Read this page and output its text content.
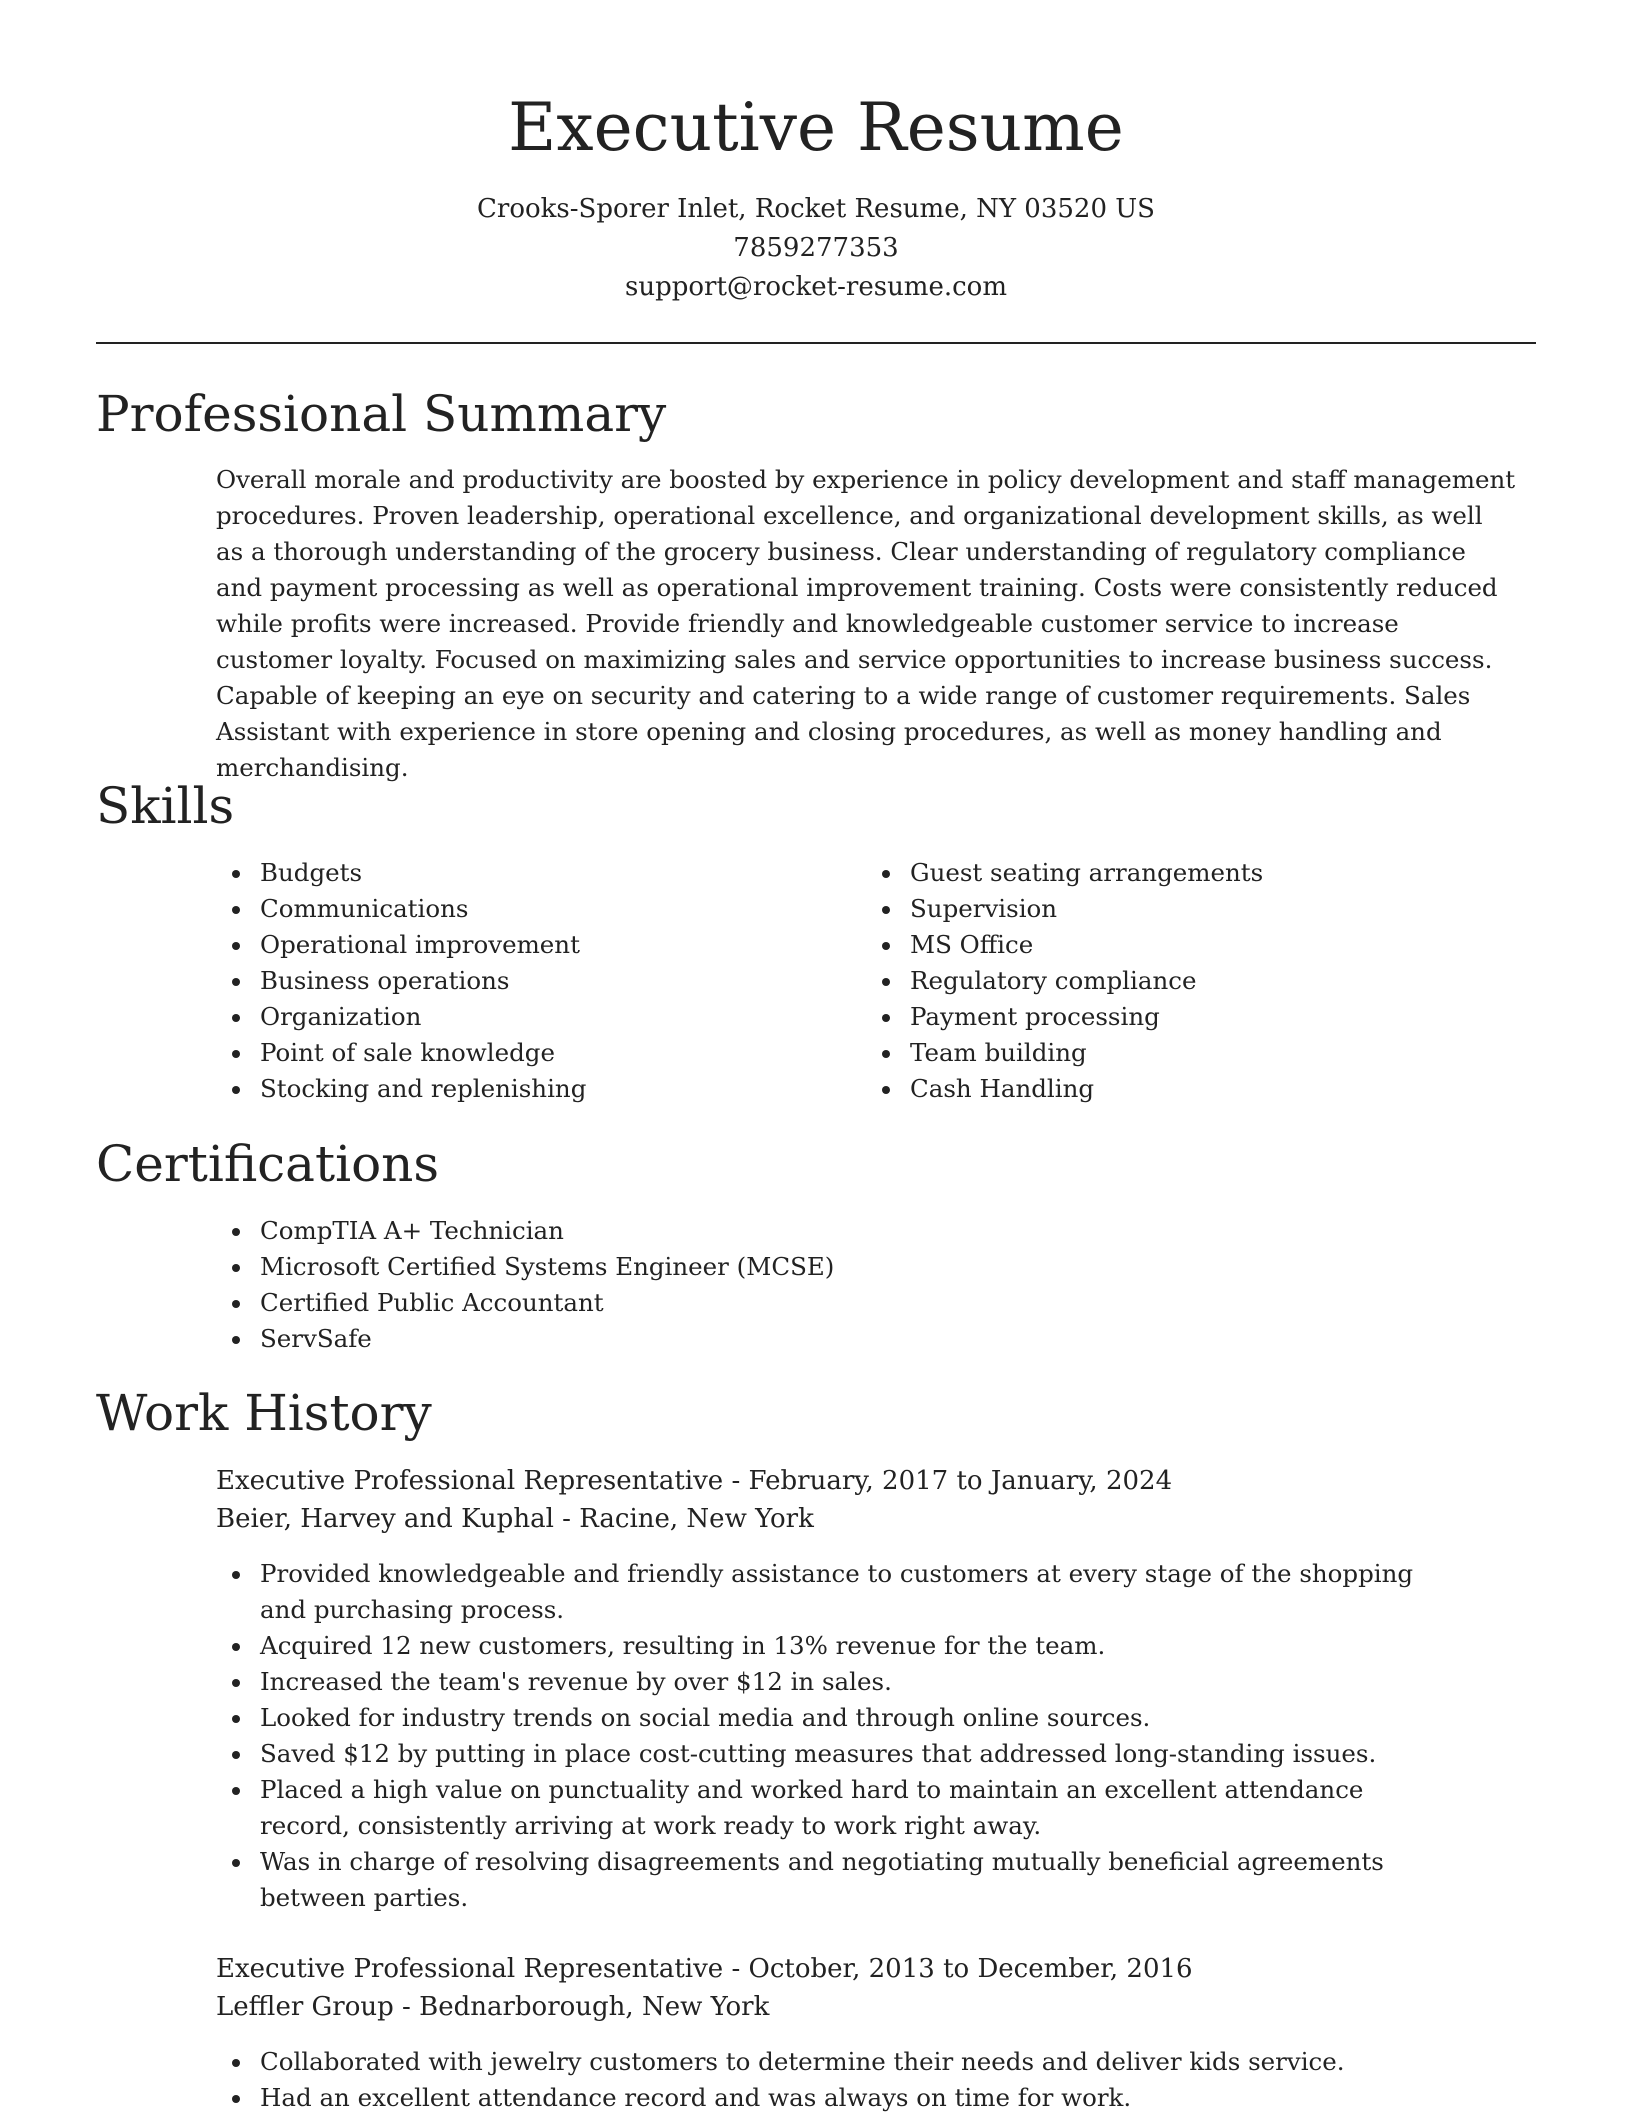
Executive Resume
Crooks-Sporer Inlet, Rocket Resume, NY 03520 US
7859277353
support@rocket-resume.com
Professional Summary

Overall morale and productivity are boosted by experience in policy development and staff management procedures. Proven leadership, operational excellence, and organizational development skills, as well as a thorough understanding of the grocery business. Clear understanding of regulatory compliance and payment processing as well as operational improvement training. Costs were consistently reduced while profits were increased. Provide friendly and knowledgeable customer service to increase customer loyalty. Focused on maximizing sales and service opportunities to increase business success. Capable of keeping an eye on security and catering to a wide range of customer requirements. Sales Assistant with experience in store opening and closing procedures, as well as money handling and merchandising.

Skills
Budgets
Communications
Operational improvement
Business operations
Organization
Point of sale knowledge
Stocking and replenishing
Guest seating arrangements
Supervision
MS Office
Regulatory compliance
Payment processing
Team building
Cash Handling
Certifications
CompTIA A+ Technician
Microsoft Certified Systems Engineer (MCSE)
Certified Public Accountant
ServSafe
Work History
Executive Professional Representative - February, 2017 to January, 2024
Beier, Harvey and Kuphal - Racine, New York
Provided knowledgeable and friendly assistance to customers at every stage of the shopping and purchasing process.
Acquired 12 new customers, resulting in 13% revenue for the team.
Increased the team's revenue by over $12 in sales.
Looked for industry trends on social media and through online sources.
Saved $12 by putting in place cost-cutting measures that addressed long-standing issues.
Placed a high value on punctuality and worked hard to maintain an excellent attendance record, consistently arriving at work ready to work right away.
Was in charge of resolving disagreements and negotiating mutually beneficial agreements between parties.
Executive Professional Representative - October, 2013 to December, 2016
Leffler Group - Bednarborough, New York
Collaborated with jewelry customers to determine their needs and deliver kids service.
Had an excellent attendance record and was always on time for work.
